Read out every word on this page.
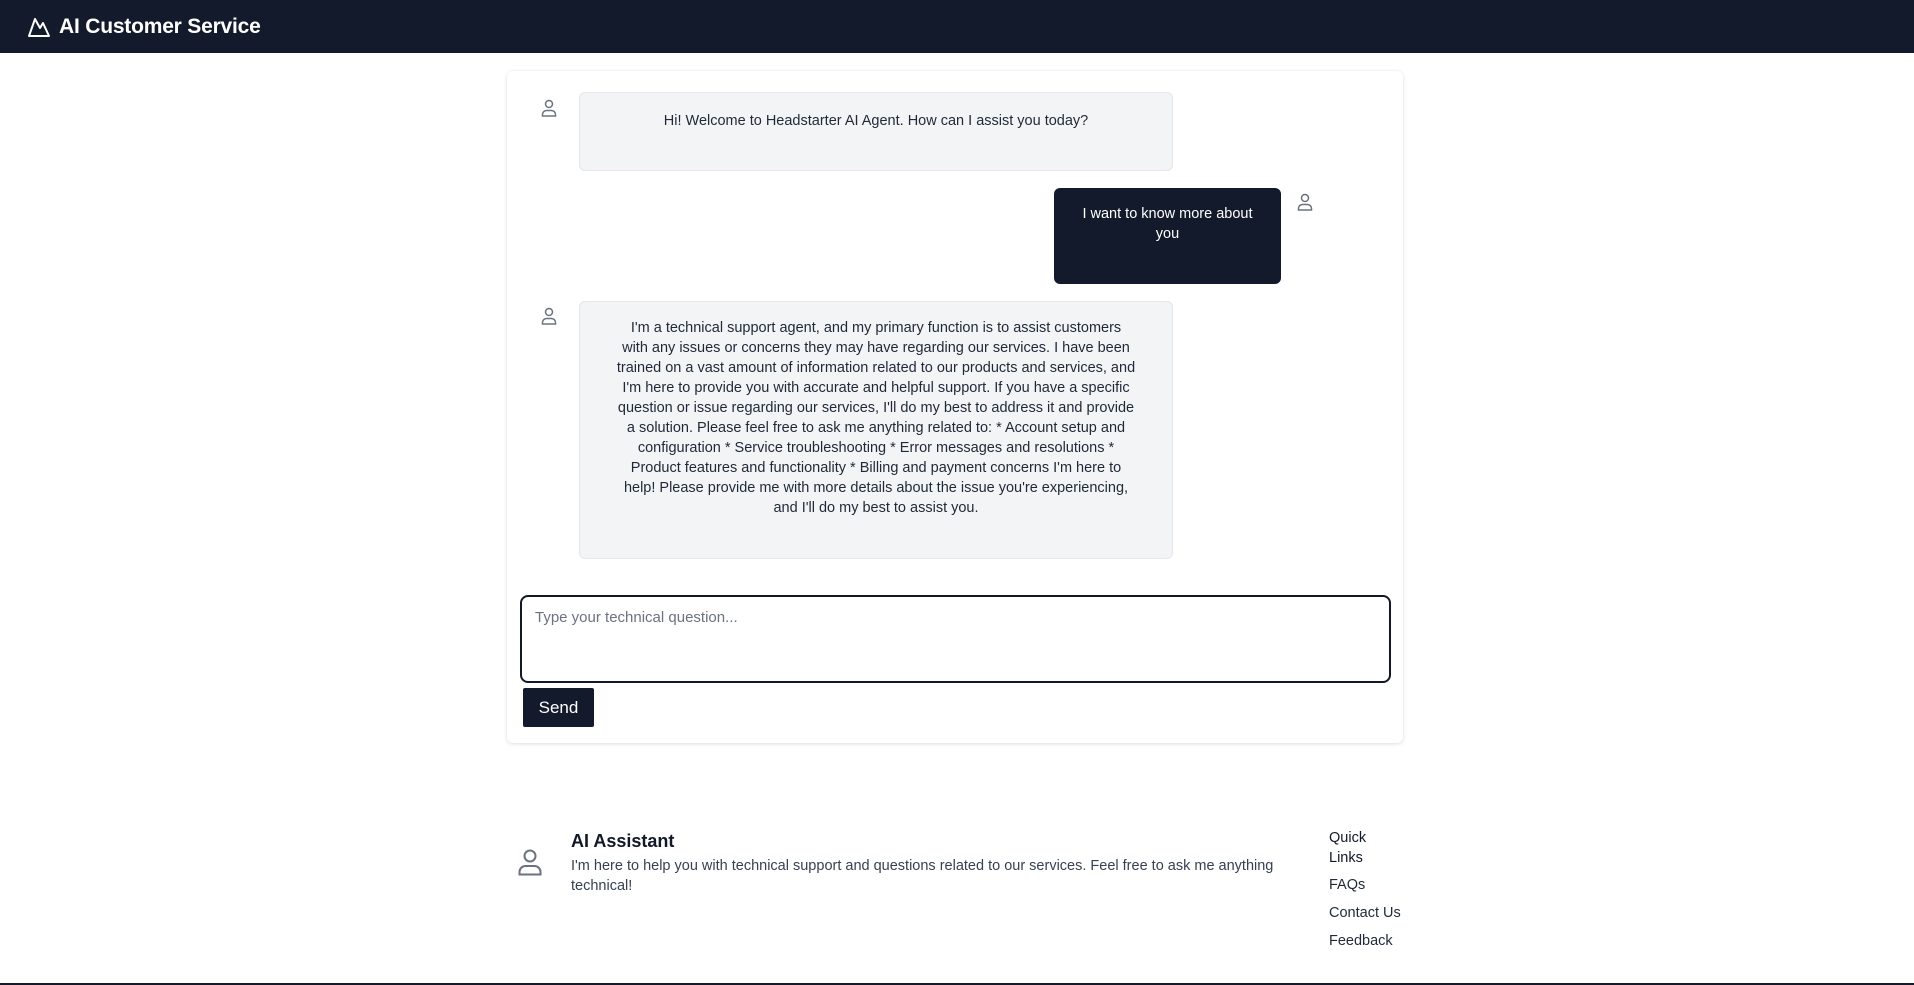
AI Customer Service
Hi! Welcome to Headstarter AI Agent. How can I assist you today?
I want to know more about you
I'm a technical support agent, and my primary function is to assist customers with any issues or concerns they may have regarding our services. I have been trained on a vast amount of information related to our products and services, and I'm here to provide you with accurate and helpful support. If you have a specific question or issue regarding our services, I'll do my best to address it and provide a solution. Please feel free to ask me anything related to: * Account setup and configuration * Service troubleshooting * Error messages and resolutions * Product features and functionality * Billing and payment concerns I'm here to help! Please provide me with more details about the issue you're experiencing, and I'll do my best to assist you.
Type your technical question...
Send
AI Assistant
I'm here to help you with technical support and questions related to our services. Feel free to ask me anything technical!
Quick Links
FAQs
Contact Us
Feedback
